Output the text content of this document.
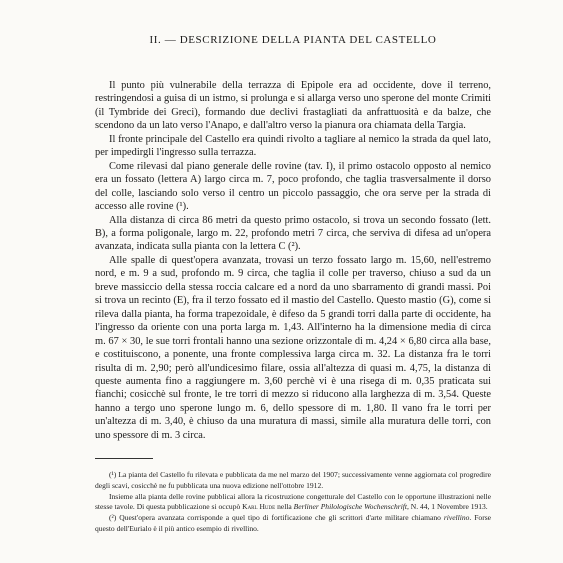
II. — DESCRIZIONE DELLA PIANTA DEL CASTELLO

Il punto più vulnerabile della terrazza di Epipole era ad occidente, dove il terreno, restringendosi a guisa di un istmo, si prolunga e si allarga verso uno sperone del monte Crimiti (il Tymbride dei Greci), formando due declivi frastagliati da anfrattuosità e da balze, che scendono da un lato verso l'Anapo, e dall'altro verso la pianura ora chiamata della Targia.

Il fronte principale del Castello era quindi rivolto a tagliare al nemico la strada da quel lato, per impedirgli l'ingresso sulla terrazza.

Come rilevasi dal piano generale delle rovine (tav. I), il primo ostacolo opposto al nemico era un fossato (lettera A) largo circa m. 7, poco profondo, che taglia trasversalmente il dorso del colle, lasciando solo verso il centro un piccolo passaggio, che ora serve per la strada di accesso alle rovine (¹).

Alla distanza di circa 86 metri da questo primo ostacolo, si trova un secondo fossato (lett. B), a forma poligonale, largo m. 22, profondo metri 7 circa, che serviva di difesa ad un'opera avanzata, indicata sulla pianta con la lettera C (²).

Alle spalle di quest'opera avanzata, trovasi un terzo fossato largo m. 15,60, nell'estremo nord, e m. 9 a sud, profondo m. 9 circa, che taglia il colle per traverso, chiuso a sud da un breve massiccio della stessa roccia calcare ed a nord da uno sbarramento di grandi massi. Poi si trova un recinto (E), fra il terzo fossato ed il mastio del Castello. Questo mastio (G), come si rileva dalla pianta, ha forma trapezoidale, è difeso da 5 grandi torri dalla parte di occidente, ha l'ingresso da oriente con una porta larga m. 1,43. All'interno ha la dimensione media di circa m. 67 × 30, le sue torri frontali hanno una sezione orizzontale di m. 4,24 × 6,80 circa alla base, e costituiscono, a ponente, una fronte complessiva larga circa m. 32. La distanza fra le torri risulta di m. 2,90; però all'undicesimo filare, ossia all'altezza di quasi m. 4,75, la distanza di queste aumenta fino a raggiungere m. 3,60 perchè vi è una risega di m. 0,35 praticata sui fianchi; cosicchè sul fronte, le tre torri di mezzo si riducono alla larghezza di m. 3,54. Queste hanno a tergo uno sperone lungo m. 6, dello spessore di m. 1,80. Il vano fra le torri per un'altezza di m. 3,40, è chiuso da una muratura di massi, simile alla muratura delle torri, con uno spessore di m. 3 circa.

(¹) La pianta del Castello fu rilevata e pubblicata da me nel marzo del 1907; successivamente venne aggiornata col progredire degli scavi, cosicchè ne fu pubblicata una nuova edizione nell'ottobre 1912.

Insieme alla pianta delle rovine pubblicai allora la ricostruzione congetturale del Castello con le opportune illustrazioni nelle stesse tavole. Di questa pubblicazione si occupò Karl Hude nella Berliner Philologische Wochenschrift, N. 44, 1 Novembre 1913.

(²) Quest'opera avanzata corrisponde a quel tipo di fortificazione che gli scrittori d'arte militare chiamano rivellino. Forse questo dell'Eurialo è il più antico esempio di rivellino.
